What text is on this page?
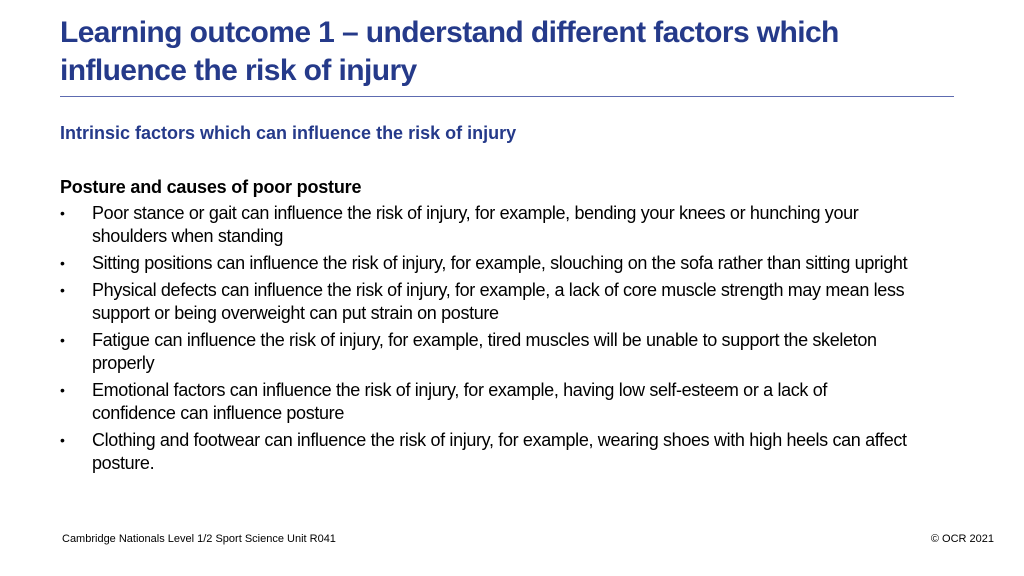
Learning outcome 1 – understand different factors which influence the risk of injury
Intrinsic factors which can influence the risk of injury
Posture and causes of poor posture
•	Poor stance or gait can influence the risk of injury, for example, bending your knees or hunching your shoulders when standing
•	Sitting positions can influence the risk of injury, for example, slouching on the sofa rather than sitting upright
•	Physical defects can influence the risk of injury, for example, a lack of core muscle strength may mean less support or being overweight can put strain on posture
•	Fatigue can influence the risk of injury, for example, tired muscles will be unable to support the skeleton properly
•	Emotional factors can influence the risk of injury, for example, having low self-esteem or a lack of confidence can influence posture
•	Clothing and footwear can influence the risk of injury, for example, wearing shoes with high heels can affect posture.
Cambridge Nationals Level 1/2 Sport Science Unit R041	© OCR 2021
